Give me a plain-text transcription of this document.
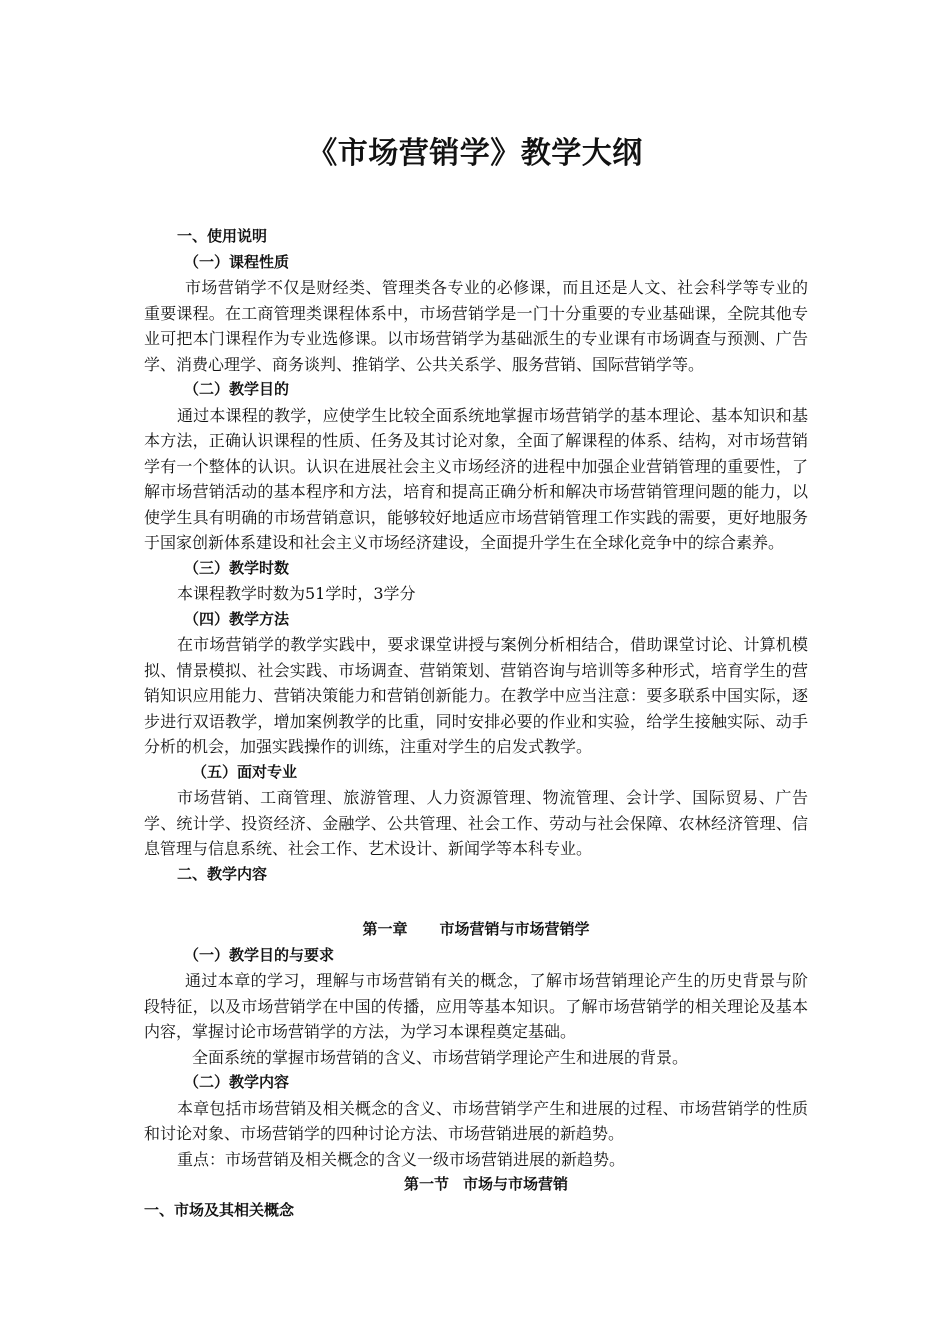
《市场营销学》教学大纲
一、使用说明
（一）课程性质
市场营销学不仅是财经类、管理类各专业的必修课，而且还是人文、社会科学等专业的重要课程。在工商管理类课程体系中，市场营销学是一门十分重要的专业基础课，全院其他专业可把本门课程作为专业选修课。以市场营销学为基础派生的专业课有市场调查与预测、广告学、消费心理学、商务谈判、推销学、公共关系学、服务营销、国际营销学等。
（二）教学目的
通过本课程的教学，应使学生比较全面系统地掌握市场营销学的基本理论、基本知识和基本方法，正确认识课程的性质、任务及其讨论对象，全面了解课程的体系、结构，对市场营销学有一个整体的认识。认识在进展社会主义市场经济的进程中加强企业营销管理的重要性，了解市场营销活动的基本程序和方法，培育和提高正确分析和解决市场营销管理问题的能力，以使学生具有明确的市场营销意识，能够较好地适应市场营销管理工作实践的需要，更好地服务于国家创新体系建设和社会主义市场经济建设，全面提升学生在全球化竞争中的综合素养。
（三）教学时数
本课程教学时数为51学时，3学分
（四）教学方法
在市场营销学的教学实践中，要求课堂讲授与案例分析相结合，借助课堂讨论、计算机模拟、情景模拟、社会实践、市场调查、营销策划、营销咨询与培训等多种形式，培育学生的营销知识应用能力、营销决策能力和营销创新能力。在教学中应当注意：要多联系中国实际，逐步进行双语教学，增加案例教学的比重，同时安排必要的作业和实验，给学生接触实际、动手分析的机会，加强实践操作的训练，注重对学生的启发式教学。
（五）面对专业
市场营销、工商管理、旅游管理、人力资源管理、物流管理、会计学、国际贸易、广告学、统计学、投资经济、金融学、公共管理、社会工作、劳动与社会保障、农林经济管理、信息管理与信息系统、社会工作、艺术设计、新闻学等本科专业。
二、教学内容
第一章 市场营销与市场营销学
（一）教学目的与要求
通过本章的学习，理解与市场营销有关的概念，了解市场营销理论产生的历史背景与阶段特征，以及市场营销学在中国的传播，应用等基本知识。了解市场营销学的相关理论及基本内容，掌握讨论市场营销学的方法，为学习本课程奠定基础。
全面系统的掌握市场营销的含义、市场营销学理论产生和进展的背景。
（二）教学内容
本章包括市场营销及相关概念的含义、市场营销学产生和进展的过程、市场营销学的性质和讨论对象、市场营销学的四种讨论方法、市场营销进展的新趋势。
重点：市场营销及相关概念的含义一级市场营销进展的新趋势。
第一节 市场与市场营销
一、市场及其相关概念
